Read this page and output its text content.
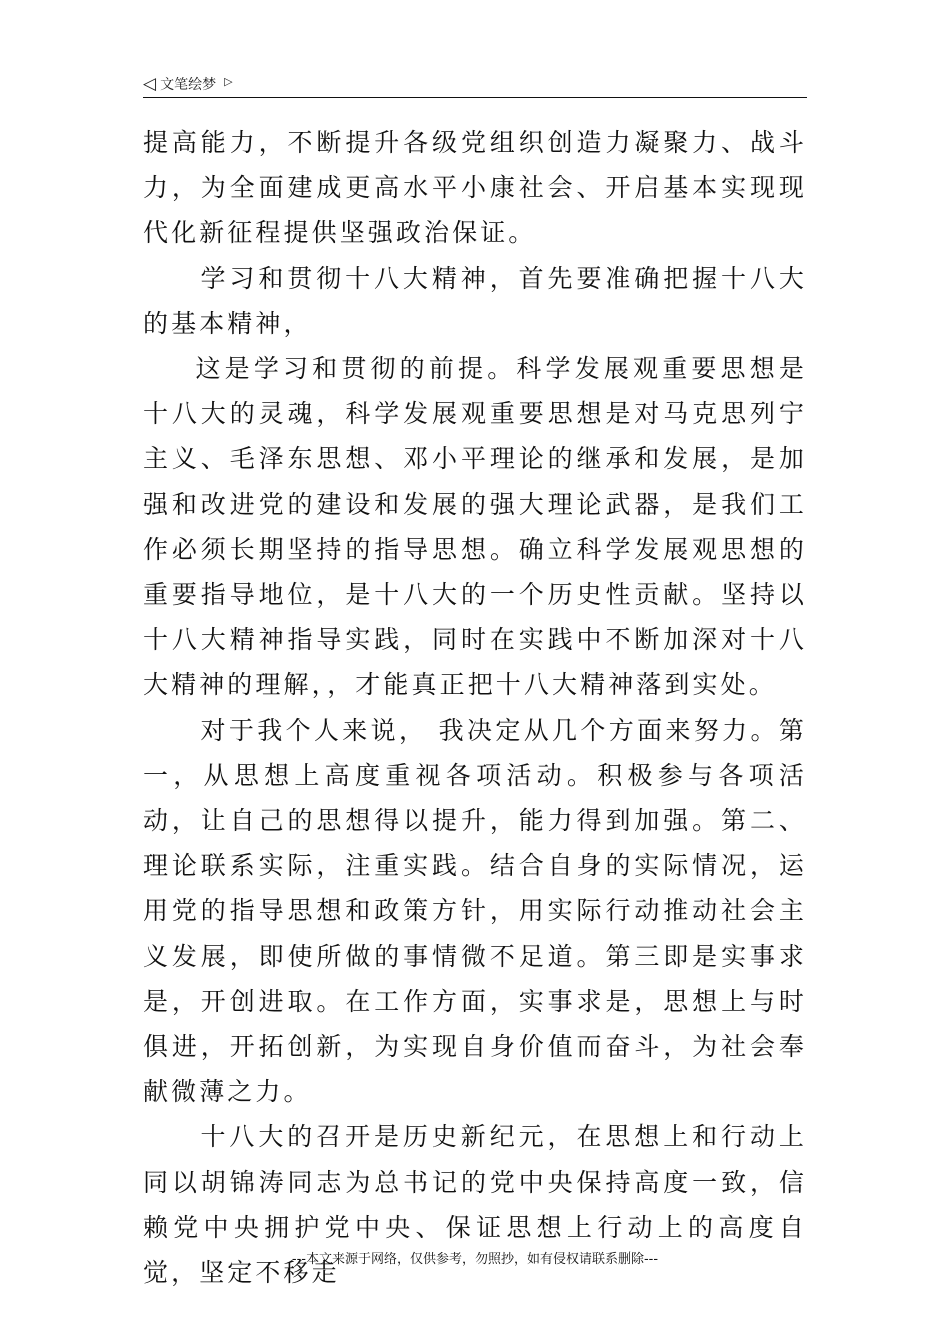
◁ 文笔绘梦 ▷

提高能力，不断提升各级党组织创造力凝聚力、战斗力，为全面建成更高水平小康社会、开启基本实现现代化新征程提供坚强政治保证。

学习和贯彻十八大精神，首先要准确把握十八大的基本精神，

这是学习和贯彻的前提。科学发展观重要思想是十八大的灵魂，科学发展观重要思想是对马克思列宁主义、毛泽东思想、邓小平理论的继承和发展，是加强和改进党的建设和发展的强大理论武器，是我们工作必须长期坚持的指导思想。确立科学发展观思想的重要指导地位，是十八大的一个历史性贡献。坚持以十八大精神指导实践，同时在实践中不断加深对十八大精神的理解，，才能真正把十八大精神落到实处。

对于我个人来说， 我决定从几个方面来努力。第一，从思想上高度重视各项活动。积极参与各项活动，让自己的思想得以提升，能力得到加强。第二、理论联系实际，注重实践。结合自身的实际情况，运用党的指导思想和政策方针，用实际行动推动社会主义发展，即使所做的事情微不足道。第三即是实事求是，开创进取。在工作方面，实事求是，思想上与时俱进，开拓创新，为实现自身价值而奋斗，为社会奉献微薄之力。

十八大的召开是历史新纪元，在思想上和行动上同以胡锦涛同志为总书记的党中央保持高度一致，信赖党中央拥护党中央、保证思想上行动上的高度自觉，坚定不移走

---本文来源于网络，仅供参考，勿照抄，如有侵权请联系删除---
